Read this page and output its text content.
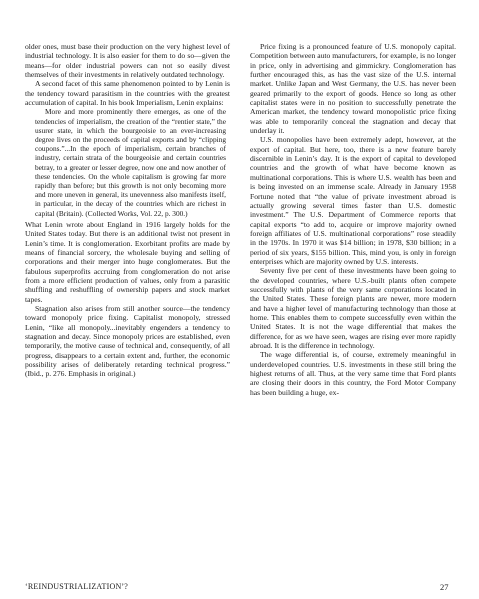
older ones, must base their production on the very highest level of industrial technology. It is also easier for them to do so—given the means—for older industrial powers can not so easily divest themselves of their investments in relatively outdated technology.

A second facet of this same phenomenon pointed to by Lenin is the tendency toward parasitism in the countries with the greatest accumulation of capital. In his book Imperialism, Lenin explains:

More and more prominently there emerges, as one of the tendencies of imperialism, the creation of the “rentier state,” the usurer state, in which the bourgeoisie to an ever-increasing degree lives on the proceeds of capital exports and by “clipping coupons.”...In the epoch of imperialism, certain branches of industry, certain strata of the bourgeoisie and certain countries betray, to a greater or lesser degree, now one and now another of these tendencies. On the whole capitalism is growing far more rapidly than before; but this growth is not only becoming more and more uneven in general, its unevenness also manifests itself, in particular, in the decay of the countries which are richest in capital (Britain). (Collected Works, Vol. 22, p. 300.)

What Lenin wrote about England in 1916 largely holds for the United States today. But there is an additional twist not present in Lenin’s time. It is conglomeration. Exorbitant profits are made by means of financial sorcery, the wholesale buying and selling of corporations and their merger into huge conglomerates. But the fabulous superprofits accruing from conglomeration do not arise from a more efficient production of values, only from a parasitic shuffling and reshuffling of ownership papers and stock market tapes.

Stagnation also arises from still another source—the tendency toward monopoly price fixing. Capitalist monopoly, stressed Lenin, “like all monopoly...inevitably engenders a tendency to stagnation and decay. Since monopoly prices are established, even temporarily, the motive cause of technical and, consequently, of all progress, disappears to a certain extent and, further, the economic possibility arises of deliberately retarding technical progress.” (Ibid., p. 276. Emphasis in original.)

Price fixing is a pronounced feature of U.S. monopoly capital. Competition between auto manufacturers, for example, is no longer in price, only in advertising and gimmickry. Conglomeration has further encouraged this, as has the vast size of the U.S. internal market. Unlike Japan and West Germany, the U.S. has never been geared primarily to the export of goods. Hence so long as other capitalist states were in no position to successfully penetrate the American market, the tendency toward monopolistic price fixing was able to temporarily conceal the stagnation and decay that underlay it.

U.S. monopolies have been extremely adept, however, at the export of capital. But here, too, there is a new feature barely discernible in Lenin’s day. It is the export of capital to developed countries and the growth of what have become known as multinational corporations. This is where U.S. wealth has been and is being invested on an immense scale. Already in January 1958 Fortune noted that “the value of private investment abroad is actually growing several times faster than U.S. domestic investment.” The U.S. Department of Commerce reports that capital exports “to add to, acquire or improve majority owned foreign affiliates of U.S. multinational corporations” rose steadily in the 1970s. In 1970 it was $14 billion; in 1978, $30 billion; in a period of six years, $155 billion. This, mind you, is only in foreign enterprises which are majority owned by U.S. interests.

Seventy five per cent of these investments have been going to the developed countries, where U.S.-built plants often compete successfully with plants of the very same corporations located in the United States. These foreign plants are newer, more modern and have a higher level of manufacturing technology than those at home. This enables them to compete successfully even within the United States. It is not the wage differential that makes the difference, for as we have seen, wages are rising ever more rapidly abroad. It is the difference in technology.

The wage differential is, of course, extremely meaningful in underdeveloped countries. U.S. investments in these still bring the highest returns of all. Thus, at the very same time that Ford plants are closing their doors in this country, the Ford Motor Company has been building a huge, ex-

‘REINDUSTRIALIZATION’?	27
